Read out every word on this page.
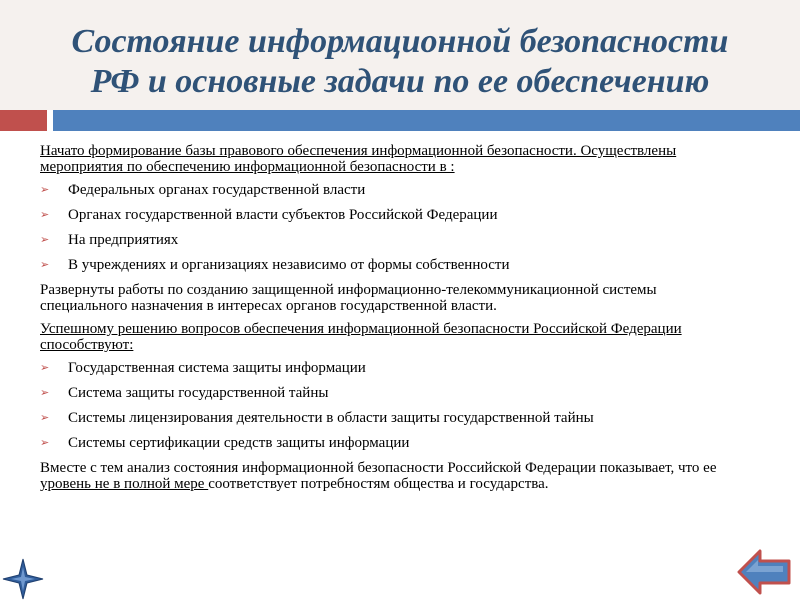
Состояние информационной безопасности
РФ и основные задачи по ее обеспечению

Начато формирование базы правового обеспечения информационной безопасности. Осуществлены мероприятия по обеспечению информационной безопасности в :

➢ Федеральных органах государственной власти
➢ Органах государственной власти субъектов Российской Федерации
➢ На предприятиях
➢ В учреждениях и организациях независимо от формы собственности

Развернуты работы по созданию защищенной информационно-телекоммуникационной системы специального назначения в интересах органов государственной власти.

Успешному решению вопросов обеспечения информационной безопасности Российской Федерации способствуют:

➢ Государственная система защиты информации
➢ Система защиты государственной тайны
➢ Системы лицензирования деятельности в области защиты государственной тайны
➢ Системы сертификации средств защиты информации

Вместе с тем анализ состояния информационной безопасности Российской Федерации показывает, что ее уровень не в полной мере соответствует потребностям общества и государства.
